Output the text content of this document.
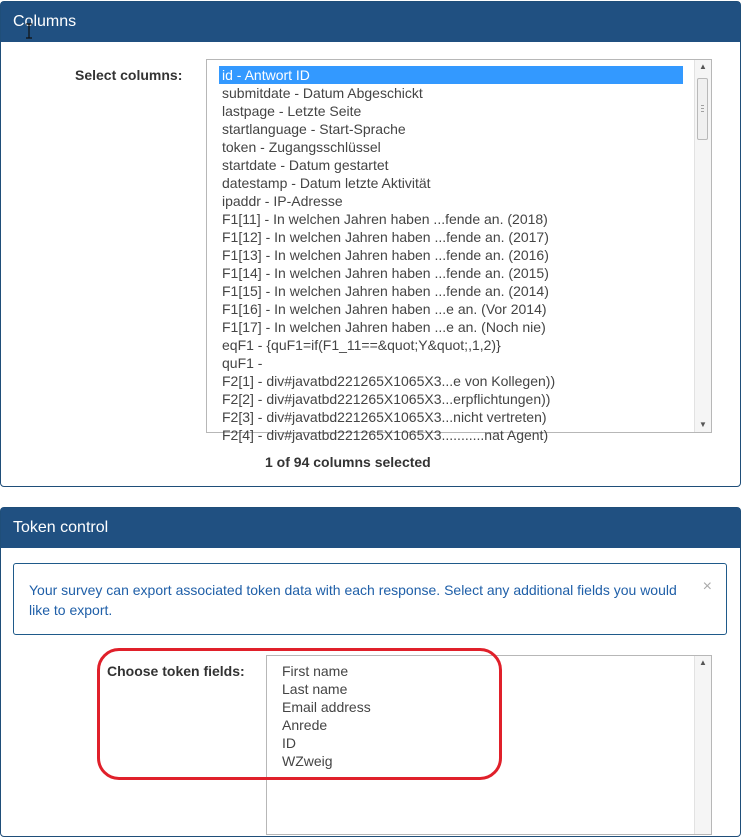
Columns
Select columns:	id - Antwort ID
submitdate - Datum Abgeschickt
lastpage - Letzte Seite
startlanguage - Start-Sprache
token - Zugangsschlüssel
startdate - Datum gestartet
datestamp - Datum letzte Aktivität
ipaddr - IP-Adresse
F1[11] - In welchen Jahren haben ...fende an. (2018)
F1[12] - In welchen Jahren haben ...fende an. (2017)
F1[13] - In welchen Jahren haben ...fende an. (2016)
F1[14] - In welchen Jahren haben ...fende an. (2015)
F1[15] - In welchen Jahren haben ...fende an. (2014)
F1[16] - In welchen Jahren haben ...e an. (Vor 2014)
F1[17] - In welchen Jahren haben ...e an. (Noch nie)
eqF1 - {quF1=if(F1_11==&quot;Y&quot;,1,2)}
quF1 -
F2[1] - div#javatbd221265X1065X3...e von Kollegen))
F2[2] - div#javatbd221265X1065X3...erpflichtungen))
F2[3] - div#javatbd221265X1065X3...nicht vertreten)
F2[4] - div#javatbd221265X1065X3...........nat Agent)
▲
▼
1 of 94 columns selected
Token control
Your survey can export associated token data with each response. Select any additional fields you would like to export.
×
Choose token fields:	First name
Last name
Email address
Anrede
ID
WZweig
▲
